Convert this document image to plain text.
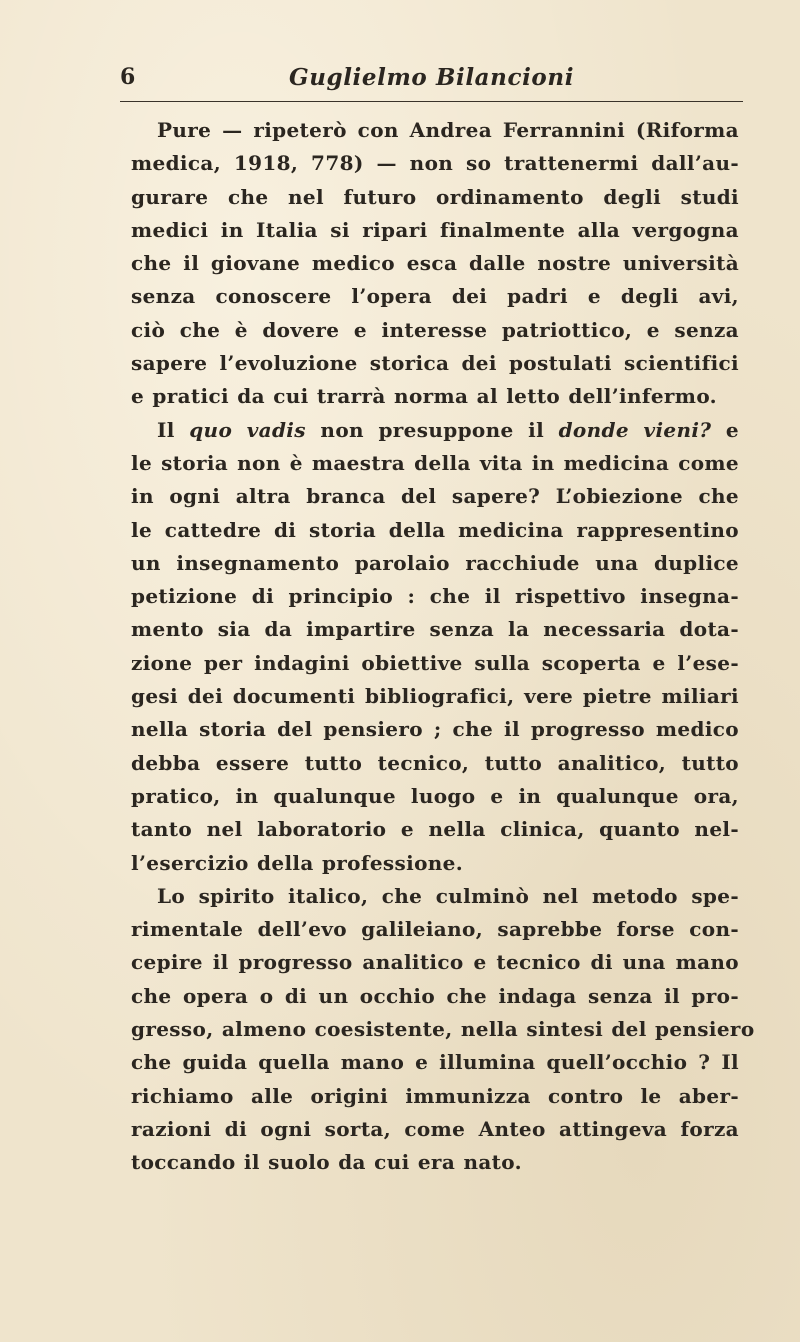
6	Guglielmo Bilancioni
Pure — ripeterò con Andrea Ferrannini (Riforma
medica, 1918, 778) — non so trattenermi dall’au-
gurare che nel futuro ordinamento degli studi
medici in Italia si ripari finalmente alla vergogna
che il giovane medico esca dalle nostre università
senza conoscere l’opera dei padri e degli avi,
ciò che è dovere e interesse patriottico, e senza
sapere l’evoluzione storica dei postulati scientifici
e pratici da cui trarrà norma al letto dell’infermo.
Il quo vadis non presuppone il donde vieni? e
le storia non è maestra della vita in medicina come
in ogni altra branca del sapere? L’obiezione che
le cattedre di storia della medicina rappresentino
un insegnamento parolaio racchiude una duplice
petizione di principio : che il rispettivo insegna-
mento sia da impartire senza la necessaria dota-
zione per indagini obiettive sulla scoperta e l’ese-
gesi dei documenti bibliografici, vere pietre miliari
nella storia del pensiero ; che il progresso medico
debba essere tutto tecnico, tutto analitico, tutto
pratico, in qualunque luogo e in qualunque ora,
tanto nel laboratorio e nella clinica, quanto nel-
l’esercizio della professione.
Lo spirito italico, che culminò nel metodo spe-
rimentale dell’evo galileiano, saprebbe forse con-
cepire il progresso analitico e tecnico di una mano
che opera o di un occhio che indaga senza il pro-
gresso, almeno coesistente, nella sintesi del pensiero
che guida quella mano e illumina quell’occhio ? Il
richiamo alle origini immunizza contro le aber-
razioni di ogni sorta, come Anteo attingeva forza
toccando il suolo da cui era nato.
